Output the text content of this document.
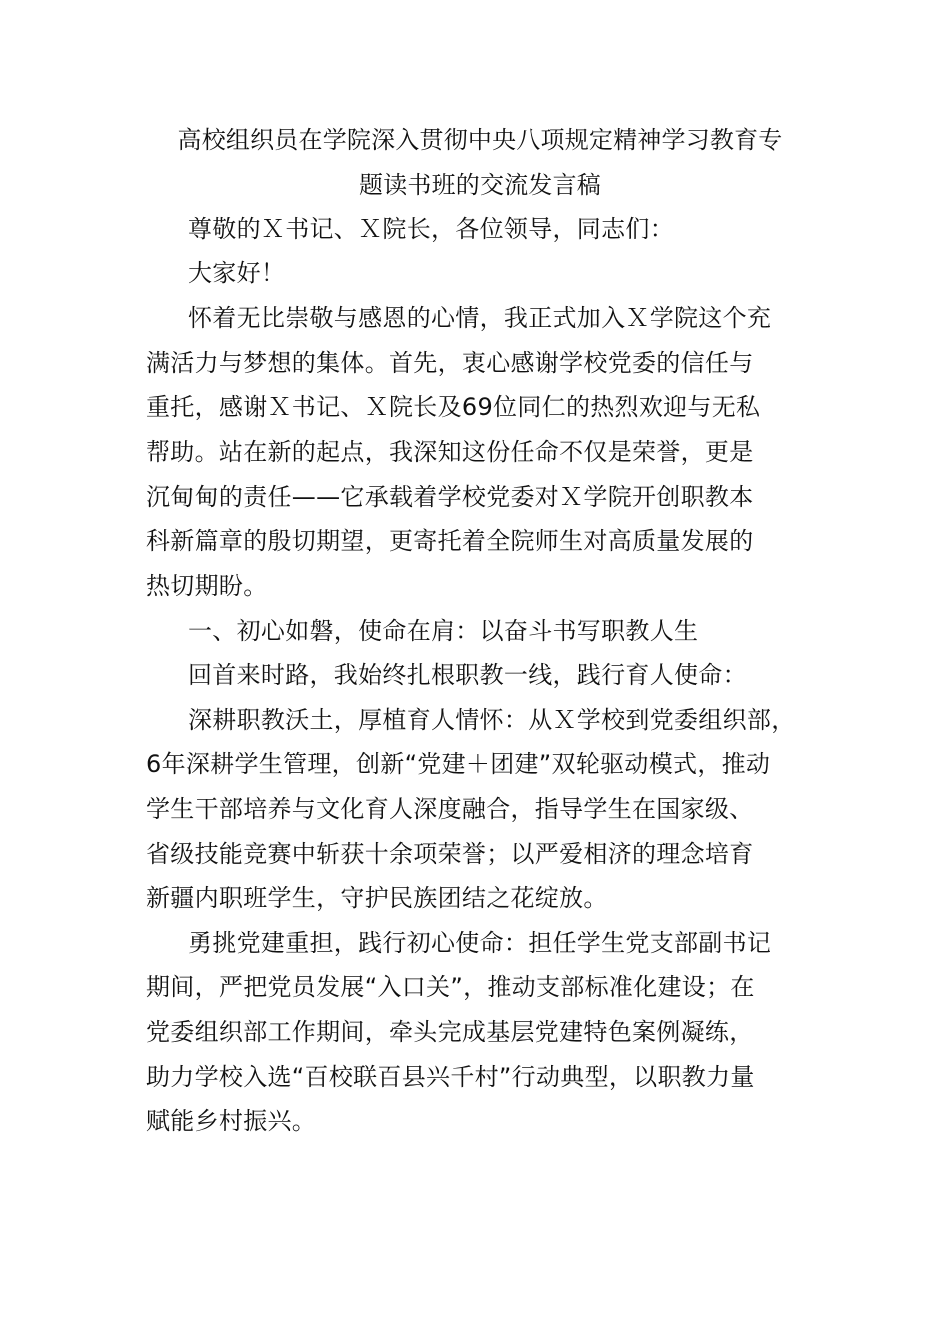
高校组织员在学院深入贯彻中央八项规定精神学习教育专
题读书班的交流发言稿
尊敬的Ｘ书记、Ｘ院长，各位领导，同志们：
大家好！
怀着无比崇敬与感恩的心情，我正式加入Ｘ学院这个充
满活力与梦想的集体。首先，衷心感谢学校党委的信任与
重托，感谢Ｘ书记、Ｘ院长及69位同仁的热烈欢迎与无私
帮助。站在新的起点，我深知这份任命不仅是荣誉，更是
沉甸甸的责任——它承载着学校党委对Ｘ学院开创职教本
科新篇章的殷切期望，更寄托着全院师生对高质量发展的
热切期盼。
一、初心如磐，使命在肩：以奋斗书写职教人生
回首来时路，我始终扎根职教一线，践行育人使命：
深耕职教沃土，厚植育人情怀：从Ｘ学校到党委组织部，
6年深耕学生管理，创新“党建＋团建”双轮驱动模式，推动
学生干部培养与文化育人深度融合，指导学生在国家级、
省级技能竞赛中斩获十余项荣誉；以严爱相济的理念培育
新疆内职班学生，守护民族团结之花绽放。
勇挑党建重担，践行初心使命：担任学生党支部副书记
期间，严把党员发展“入口关”，推动支部标准化建设；在
党委组织部工作期间，牵头完成基层党建特色案例凝练，
助力学校入选“百校联百县兴千村”行动典型，以职教力量
赋能乡村振兴。
